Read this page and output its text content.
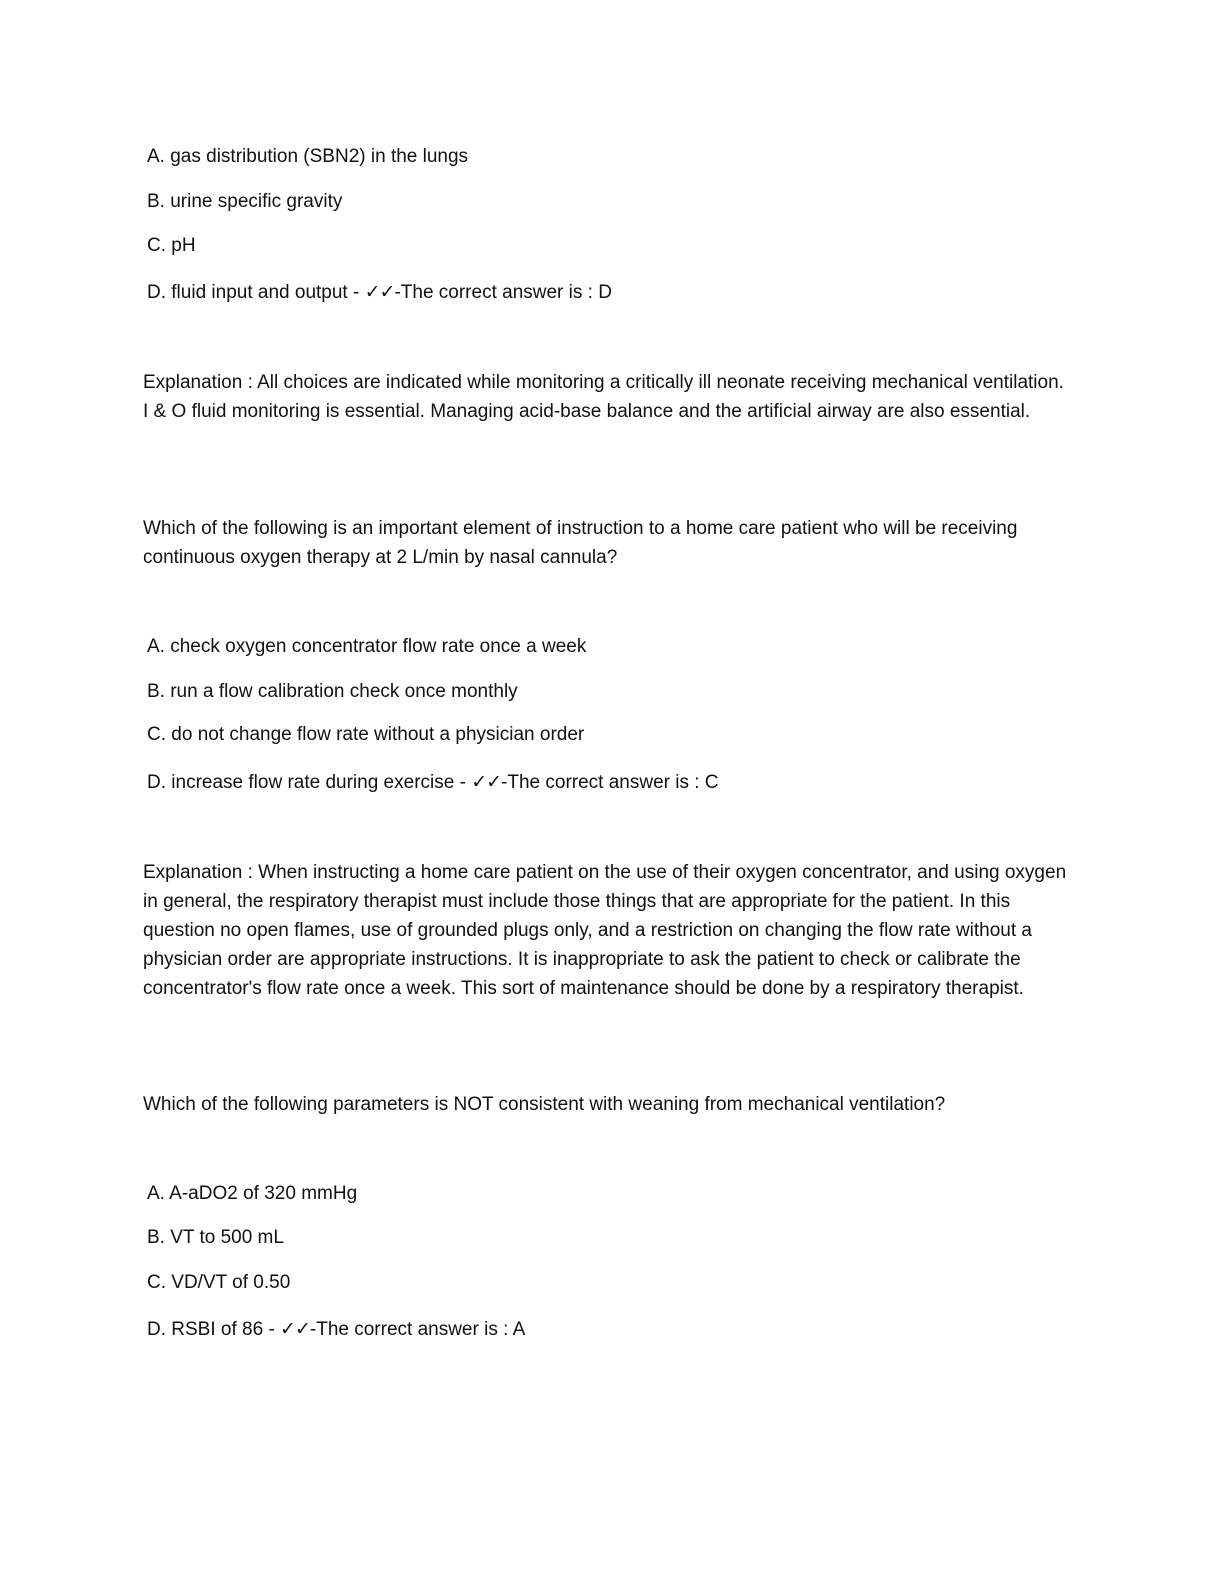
A. gas distribution (SBN2) in the lungs
B. urine specific gravity
C. pH
D. fluid input and output - ✓✓-The correct answer is : D
Explanation : All choices are indicated while monitoring a critically ill neonate receiving mechanical ventilation. I & O fluid monitoring is essential. Managing acid-base balance and the artificial airway are also essential.
Which of the following is an important element of instruction to a home care patient who will be receiving continuous oxygen therapy at 2 L/min by nasal cannula?
A. check oxygen concentrator flow rate once a week
B. run a flow calibration check once monthly
C. do not change flow rate without a physician order
D. increase flow rate during exercise - ✓✓-The correct answer is : C
Explanation : When instructing a home care patient on the use of their oxygen concentrator, and using oxygen in general, the respiratory therapist must include those things that are appropriate for the patient. In this question no open flames, use of grounded plugs only, and a restriction on changing the flow rate without a physician order are appropriate instructions. It is inappropriate to ask the patient to check or calibrate the concentrator's flow rate once a week. This sort of maintenance should be done by a respiratory therapist.
Which of the following parameters is NOT consistent with weaning from mechanical ventilation?
A. A-aDO2 of 320 mmHg
B. VT to 500 mL
C. VD/VT of 0.50
D. RSBI of 86 - ✓✓-The correct answer is : A
